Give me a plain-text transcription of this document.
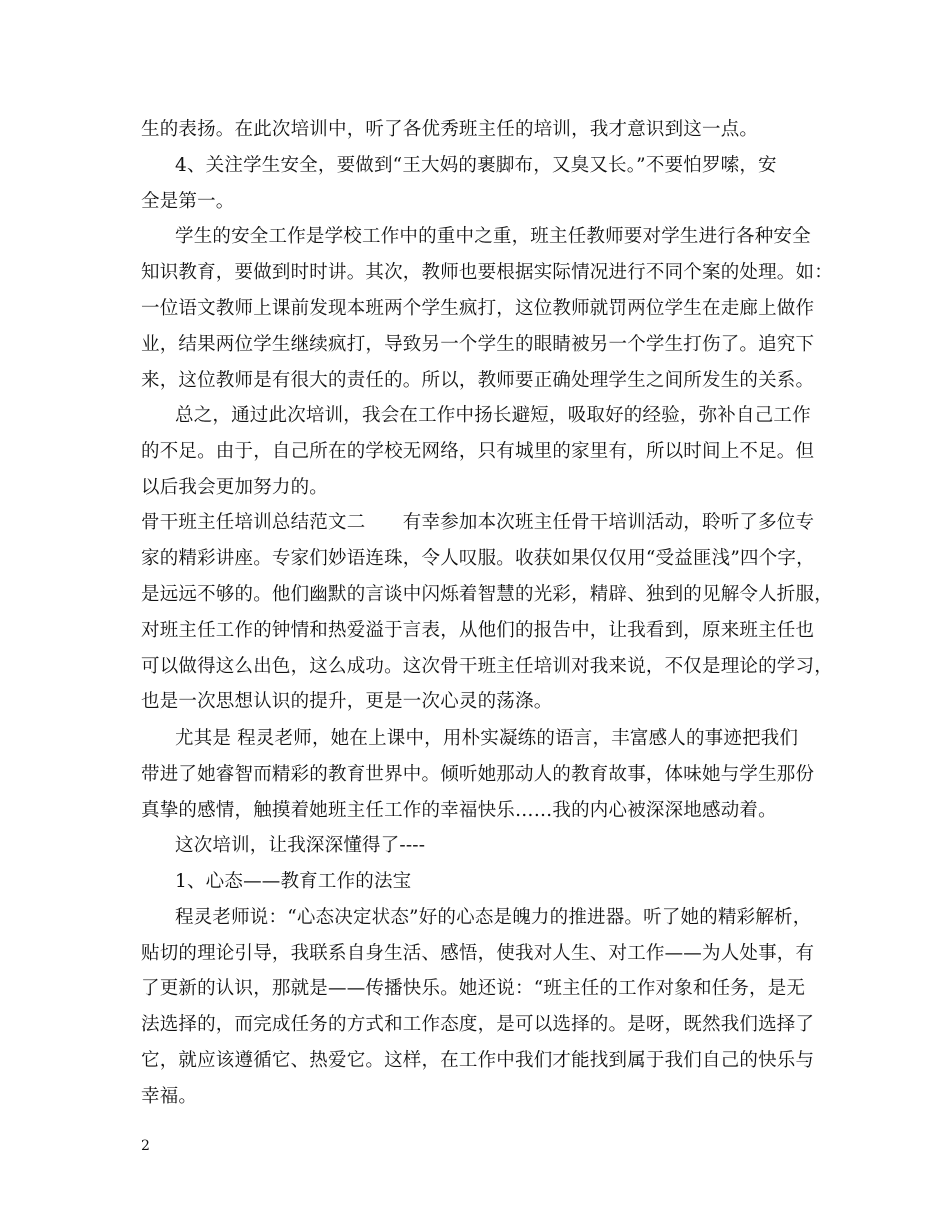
生的表扬。在此次培训中，听了各优秀班主任的培训，我才意识到这一点。
4、关注学生安全，要做到“王大妈的裹脚布，又臭又长。”不要怕罗嗦，安
全是第一。
学生的安全工作是学校工作中的重中之重，班主任教师要对学生进行各种安全
知识教育，要做到时时讲。其次，教师也要根据实际情况进行不同个案的处理。如：
一位语文教师上课前发现本班两个学生疯打，这位教师就罚两位学生在走廊上做作
业，结果两位学生继续疯打，导致另一个学生的眼睛被另一个学生打伤了。追究下
来，这位教师是有很大的责任的。所以，教师要正确处理学生之间所发生的关系。
总之，通过此次培训，我会在工作中扬长避短，吸取好的经验，弥补自己工作
的不足。由于，自己所在的学校无网络，只有城里的家里有，所以时间上不足。但
以后我会更加努力的。
骨干班主任培训总结范文二　　有幸参加本次班主任骨干培训活动，聆听了多位专
家的精彩讲座。专家们妙语连珠，令人叹服。收获如果仅仅用“受益匪浅”四个字，
是远远不够的。他们幽默的言谈中闪烁着智慧的光彩，精辟、独到的见解令人折服，
对班主任工作的钟情和热爱溢于言表，从他们的报告中，让我看到，原来班主任也
可以做得这么出色，这么成功。这次骨干班主任培训对我来说，不仅是理论的学习，
也是一次思想认识的提升，更是一次心灵的荡涤。
尤其是 程灵老师，她在上课中，用朴实凝练的语言，丰富感人的事迹把我们
带进了她睿智而精彩的教育世界中。倾听她那动人的教育故事，体味她与学生那份
真挚的感情，触摸着她班主任工作的幸福快乐……我的内心被深深地感动着。
这次培训，让我深深懂得了----
1、心态——教育工作的法宝
程灵老师说：“心态决定状态”好的心态是魄力的推进器。听了她的精彩解析，
贴切的理论引导，我联系自身生活、感悟，使我对人生、对工作——为人处事，有
了更新的认识，那就是——传播快乐。她还说：“班主任的工作对象和任务，是无
法选择的，而完成任务的方式和工作态度，是可以选择的。是呀，既然我们选择了
它，就应该遵循它、热爱它。这样，在工作中我们才能找到属于我们自己的快乐与
幸福。
2
